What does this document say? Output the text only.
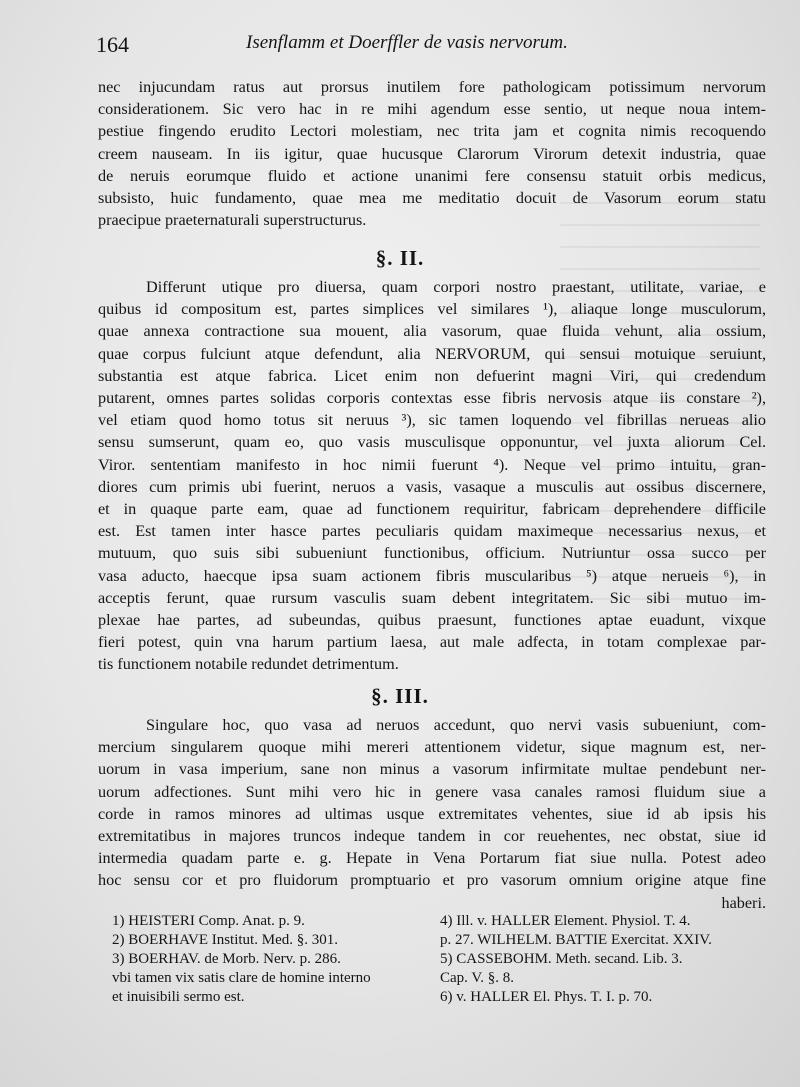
164	Isenflamm et Doerffler de vasis nervorum.
nec injucundam ratus aut prorsus inutilem fore pathologicam potissimum nervorum
considerationem. Sic vero hac in re mihi agendum esse sentio, ut neque noua intem-
pestiue fingendo erudito Lectori molestiam, nec trita jam et cognita nimis recoquendo
creem nauseam. In iis igitur, quae hucusque Clarorum Virorum detexit industria, quae
de neruis eorumque fluido et actione unanimi fere consensu statuit orbis medicus,
subsisto, huic fundamento, quae mea me meditatio docuit de Vasorum eorum statu
praecipue praeternaturali superstructurus.
§. II.
Differunt utique pro diuersa, quam corpori nostro praestant, utilitate, variae, e
quibus id compositum est, partes simplices vel similares ¹), aliaque longe musculorum,
quae annexa contractione sua mouent, alia vasorum, quae fluida vehunt, alia ossium,
quae corpus fulciunt atque defendunt, alia NERVORUM, qui sensui motuique seruiunt,
substantia est atque fabrica. Licet enim non defuerint magni Viri, qui credendum
putarent, omnes partes solidas corporis contextas esse fibris nervosis atque iis constare ²),
vel etiam quod homo totus sit neruus ³), sic tamen loquendo vel fibrillas nerueas alio
sensu sumserunt, quam eo, quo vasis musculisque opponuntur, vel juxta aliorum Cel.
Viror. sententiam manifesto in hoc nimii fuerunt ⁴). Neque vel primo intuitu, gran-
diores cum primis ubi fuerint, neruos a vasis, vasaque a musculis aut ossibus discernere,
et in quaque parte eam, quae ad functionem requiritur, fabricam deprehendere difficile
est. Est tamen inter hasce partes peculiaris quidam maximeque necessarius nexus, et
mutuum, quo suis sibi subueniunt functionibus, officium. Nutriuntur ossa succo per
vasa aducto, haecque ipsa suam actionem fibris muscularibus ⁵) atque nerueis ⁶), in
acceptis ferunt, quae rursum vasculis suam debent integritatem. Sic sibi mutuo im-
plexae hae partes, ad subeundas, quibus praesunt, functiones aptae euadunt, vixque
fieri potest, quin vna harum partium laesa, aut male adfecta, in totam complexae par-
tis functionem notabile redundet detrimentum.
§. III.
Singulare hoc, quo vasa ad neruos accedunt, quo nervi vasis subueniunt, com-
mercium singularem quoque mihi mereri attentionem videtur, sique magnum est, ner-
uorum in vasa imperium, sane non minus a vasorum infirmitate multae pendebunt ner-
uorum adfectiones. Sunt mihi vero hic in genere vasa canales ramosi fluidum siue a
corde in ramos minores ad ultimas usque extremitates vehentes, siue id ab ipsis his
extremitatibus in majores truncos indeque tandem in cor reuehentes, nec obstat, siue id
intermedia quadam parte e. g. Hepate in Vena Portarum fiat siue nulla. Potest adeo
hoc sensu cor et pro fluidorum promptuario et pro vasorum omnium origine atque fine
haberi.
1) HEISTERI Comp. Anat. p. 9.
2) BOERHAVE Institut. Med. §. 301.
3) BOERHAV. de Morb. Nerv. p. 286.
vbi tamen vix satis clare de homine interno
et inuisibili sermo est.
4) Ill. v. HALLER Element. Physiol. T. 4.
p. 27. WILHELM. BATTIE Exercitat. XXIV.
5) CASSEBOHM. Meth. secand. Lib. 3.
Cap. V. §. 8.
6) v. HALLER El. Phys. T. I. p. 70.
